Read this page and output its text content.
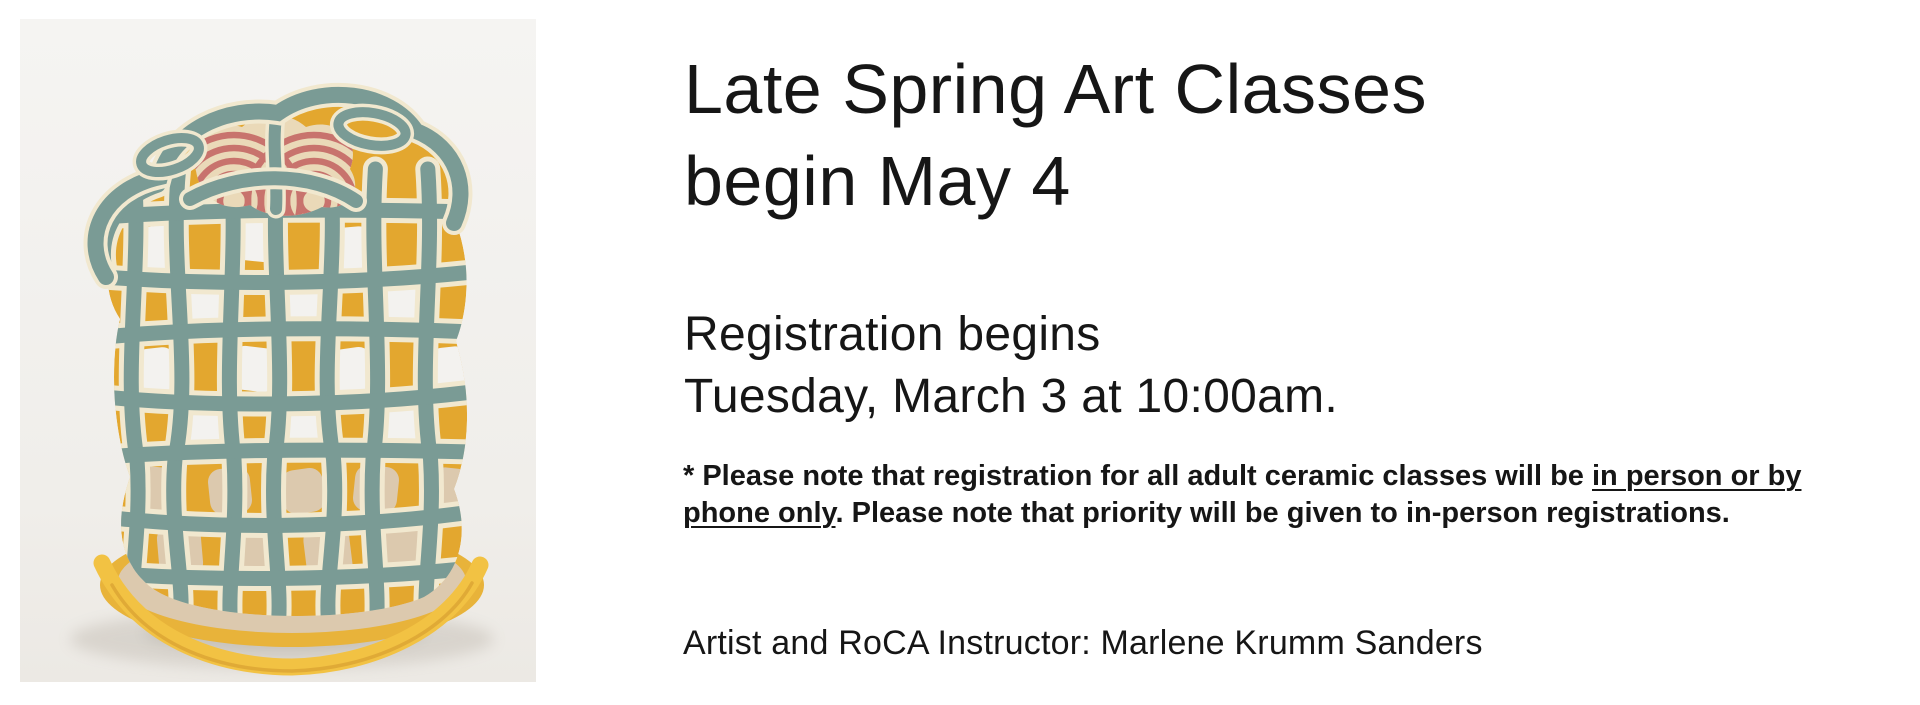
Late Spring Art Classes
begin May 4

Registration begins
Tuesday, March 3 at 10:00am.

* Please note that registration for all adult ceramic classes will be in person or by phone only. Please note that priority will be given to in-person registrations.

Artist and RoCA Instructor: Marlene Krumm Sanders
